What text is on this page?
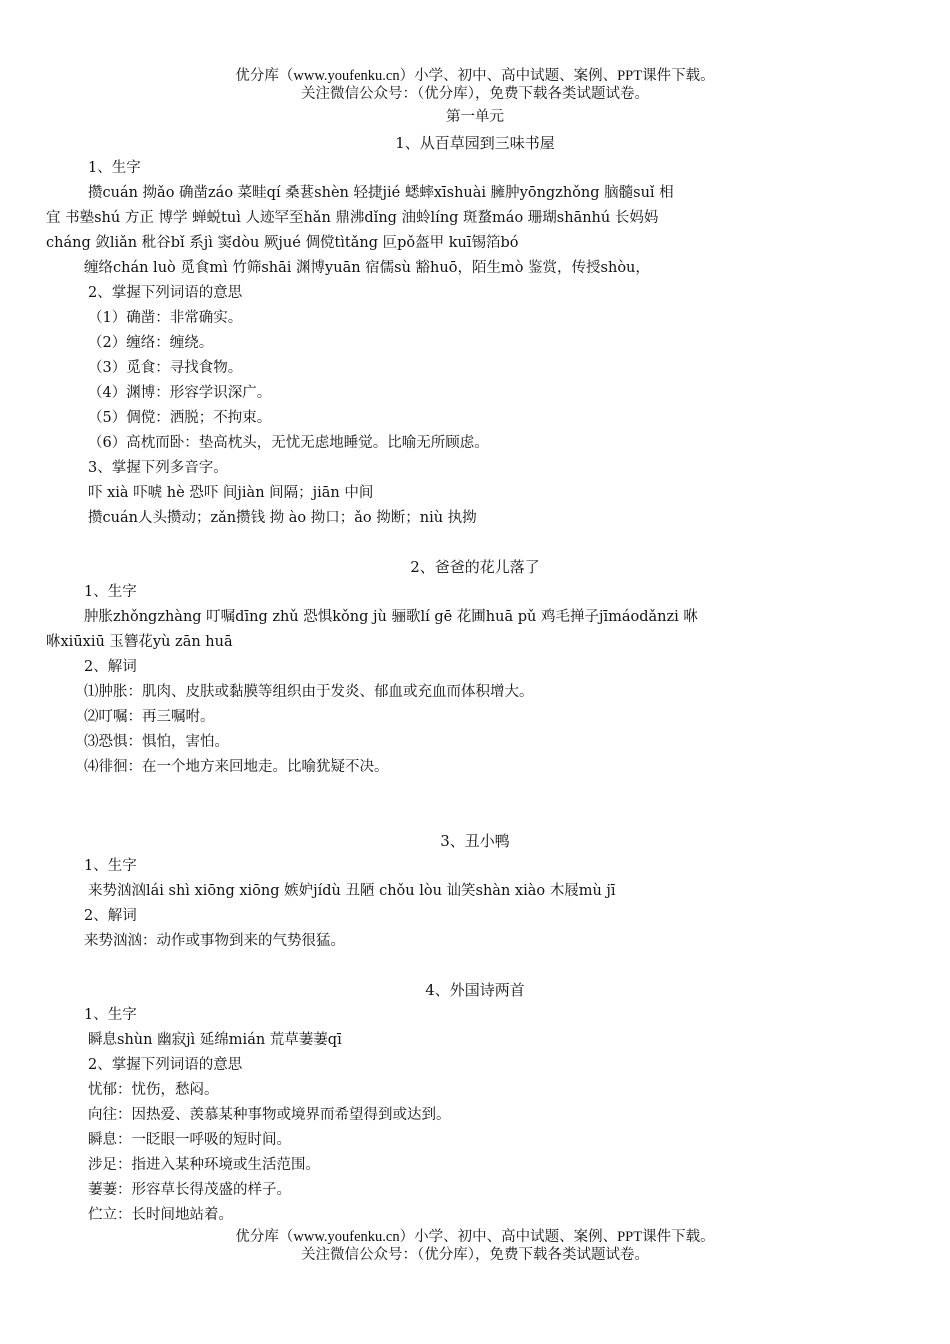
优分库（www.youfenku.cn）小学、初中、高中试题、案例、PPT课件下载。
关注微信公众号：（优分库），免费下载各类试题试卷。
第一单元
1、从百草园到三味书屋
1、生字
攒cuán 拗ǎo 确凿záo 菜畦qí 桑葚shèn 轻捷jié 蟋蟀xīshuài 臃肿yōngzhǒng 脑髓suǐ 相
宜 书塾shú 方正 博学 蝉蜕tuì 人迹罕至hǎn 鼎沸dǐng 油蛉líng 斑蝥máo 珊瑚shānhú 长妈妈
cháng 敛liǎn 秕谷bǐ 系jì 窦dòu 厥jué 倜傥tìtǎng 叵pǒ盔甲 kuī锡箔bó
缠络chán luò 觅食mì 竹筛shāi 渊博yuān 宿儒sù 豁huō，陌生mò 鉴赏，传授shòu，
2、掌握下列词语的意思
（1）确凿：非常确实。
（2）缠络：缠绕。
（3）觅食：寻找食物。
（4）渊博：形容学识深广。
（5）倜傥：洒脱；不拘束。
（6）高枕而卧：垫高枕头，无忧无虑地睡觉。比喻无所顾虑。
3、掌握下列多音字。
吓 xià 吓唬 hè 恐吓 间jiàn 间隔；jiān 中间
攒cuán人头攒动；zǎn攒钱 拗 ào 拗口；ǎo 拗断；niù 执拗
2、爸爸的花儿落了
1、生字
肿胀zhǒngzhàng 叮嘱dīng zhǔ 恐惧kǒng jù 骊歌lí gē 花圃huā pǔ 鸡毛掸子jīmáodǎnzi 咻
咻xiūxiū 玉簪花yù zān huā
2、解词
⑴肿胀：肌肉、皮肤或黏膜等组织由于发炎、郁血或充血而体积增大。
⑵叮嘱：再三嘱咐。
⑶恐惧：惧怕，害怕。
⑷徘徊：在一个地方来回地走。比喻犹疑不决。
3、丑小鸭
1、生字
来势汹汹lái shì xiōng xiōng 嫉妒jídù 丑陋 chǒu lòu 讪笑shàn xiào 木屐mù jī
2、解词
来势汹汹：动作或事物到来的气势很猛。
4、外国诗两首
1、生字
瞬息shùn 幽寂jì 延绵mián 荒草萋萋qī
2、掌握下列词语的意思
忧郁：忧伤，愁闷。
向往：因热爱、羡慕某种事物或境界而希望得到或达到。
瞬息：一眨眼一呼吸的短时间。
涉足：指进入某种环境或生活范围。
萋萋：形容草长得茂盛的样子。
伫立：长时间地站着。
优分库（www.youfenku.cn）小学、初中、高中试题、案例、PPT课件下载。
关注微信公众号：（优分库），免费下载各类试题试卷。
